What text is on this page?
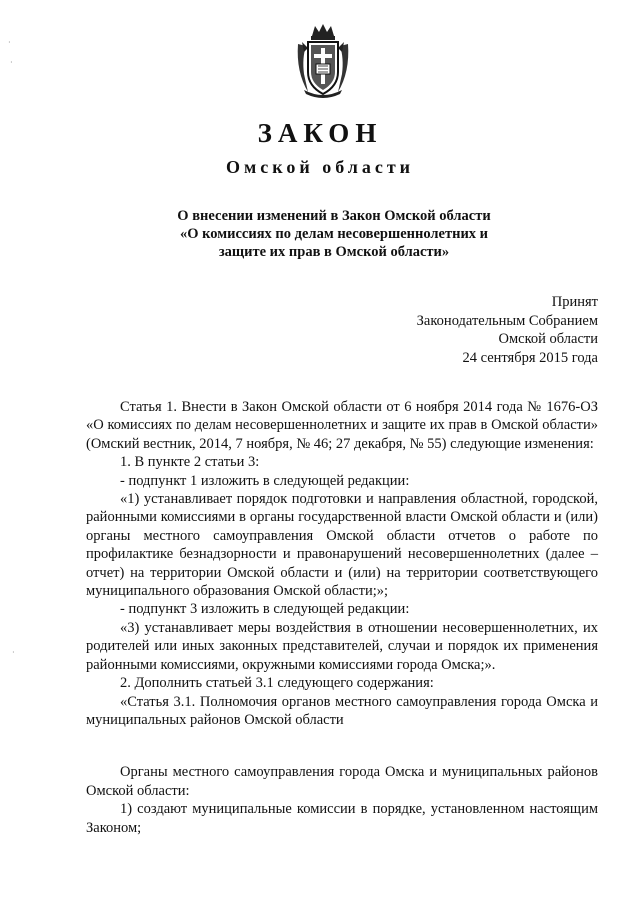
ЗАКОН
Омской области
О внесении изменений в Закон Омской области
«О комиссиях по делам несовершеннолетних и
защите их прав в Омской области»
Принят
Законодательным Собранием
Омской области
24 сентября 2015 года

Статья 1. Внести в Закон Омской области от 6 ноября 2014 года № 1676-ОЗ «О комиссиях по делам несовершеннолетних и защите их прав в Омской области» (Омский вестник, 2014, 7 ноября, № 46; 27 декабря, № 55) следующие изменения:

1. В пункте 2 статьи 3:

- подпункт 1 изложить в следующей редакции:

«1) устанавливает порядок подготовки и направления областной, городской, районными комиссиями в органы государственной власти Омской области и (или) органы местного самоуправления Омской области отчетов о работе по профилактике безнадзорности и правонарушений несовершеннолетних (далее – отчет) на территории Омской области и (или) на территории соответствующего муниципального образования Омской области;»;

- подпункт 3 изложить в следующей редакции:

«3) устанавливает меры воздействия в отношении несовершеннолетних, их родителей или иных законных представителей, случаи и порядок их применения районными комиссиями, окружными комиссиями города Омска;».

2. Дополнить статьей 3.1 следующего содержания:

«Статья 3.1. Полномочия органов местного самоуправления города Омска и муниципальных районов Омской области

Органы местного самоуправления города Омска и муниципальных районов Омской области:

1) создают муниципальные комиссии в порядке, установленном настоящим Законом;

·
·
·
